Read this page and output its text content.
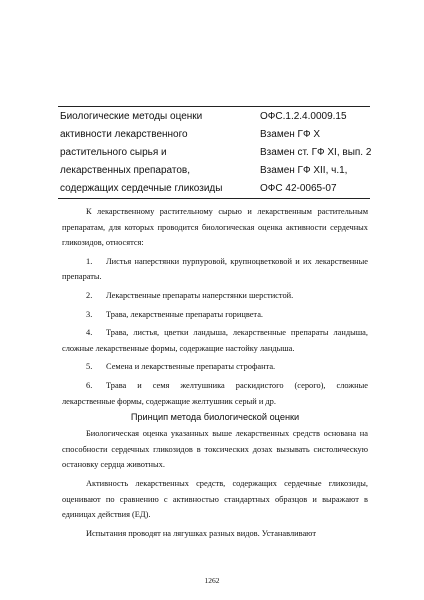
Биологические методы оценки
активности лекарственного
растительного сырья и
лекарственных препаратов,
содержащих сердечные гликозиды
ОФС.1.2.4.0009.15
Взамен ГФ X
Взамен ст. ГФ XI, вып. 2
Взамен ГФ XII, ч.1,
ОФС 42-0065-07

К лекарственному растительному сырью и лекарственным растительным препаратам, для которых проводится биологическая оценка активности сердечных гликозидов, относятся:

1. Листья наперстянки пурпуровой, крупноцветковой и их лекарственные препараты.

2. Лекарственные препараты наперстянки шерстистой.

3. Трава, лекарственные препараты горицвета.

4. Трава, листья, цветки ландыша, лекарственные препараты ландыша, сложные лекарственные формы, содержащие настойку ландыша.

5. Семена и лекарственные препараты строфанта.

6. Трава и семя желтушника раскидистого (серого), сложные лекарственные формы, содержащие желтушник серый и др.

Принцип метода биологической оценки

Биологическая оценка указанных выше лекарственных средств основана на способности сердечных гликозидов в токсических дозах вызывать систолическую остановку сердца животных.

Активность лекарственных средств, содержащих сердечные гликозиды, оценивают по сравнению с активностью стандартных образцов и выражают в единицах действия (ЕД).

Испытания проводят на лягушках разных видов. Устанавливают

1262
